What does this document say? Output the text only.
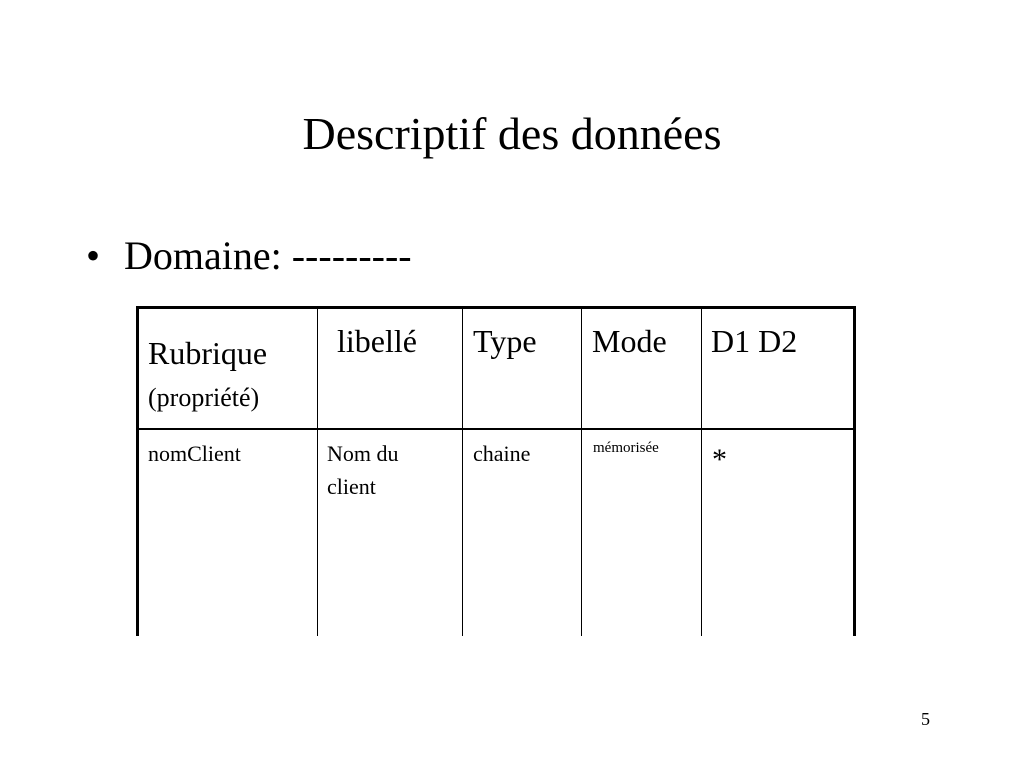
Descriptif des données
• Domaine: ---------
Rubrique
(propriété)
libellé Type Mode D1 D2
nomClient	Nom du
client
chaine	mémorisée *
5
